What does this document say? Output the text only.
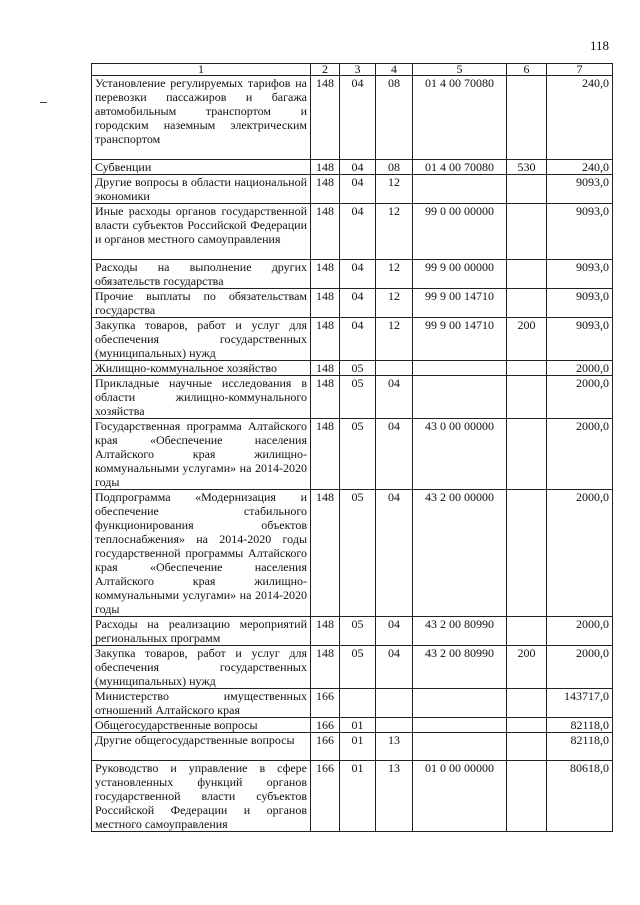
118
1	2	3	4	5	6	7
Установление регулируемых тарифов на перевозки пассажиров и багажа автомобильным транспортом и городским наземным электрическим транспортом	148	04	08	01 4 00 70080		240,0
Субвенции	148	04	08	01 4 00 70080	530	240,0
Другие вопросы в области национальной экономики	148	04	12			9093,0
Иные расходы органов государственной власти субъектов Российской Федерации и органов местного самоуправления	148	04	12	99 0 00 00000		9093,0
Расходы на выполнение других обязательств государства	148	04	12	99 9 00 00000		9093,0
Прочие выплаты по обязательствам государства	148	04	12	99 9 00 14710		9093,0
Закупка товаров, работ и услуг для обеспечения государственных (муниципальных) нужд	148	04	12	99 9 00 14710	200	9093,0
Жилищно-коммунальное хозяйство	148	05				2000,0
Прикладные научные исследования в области жилищно-коммунального хозяйства	148	05	04			2000,0
Государственная программа Алтайского края «Обеспечение населения Алтайского края жилищно-коммунальными услугами» на 2014-2020 годы	148	05	04	43 0 00 00000		2000,0
Подпрограмма «Модернизация и обеспечение стабильного функционирования объектов теплоснабжения» на 2014-2020 годы государственной программы Алтайского края «Обеспечение населения Алтайского края жилищно-коммунальными услугами» на 2014-2020 годы	148	05	04	43 2 00 00000		2000,0
Расходы на реализацию мероприятий региональных программ	148	05	04	43 2 00 80990		2000,0
Закупка товаров, работ и услуг для обеспечения государственных (муниципальных) нужд	148	05	04	43 2 00 80990	200	2000,0
Министерство имущественных отношений Алтайского края	166					143717,0
Общегосударственные вопросы	166	01				82118,0
Другие общегосударственные вопросы	166	01	13			82118,0
Руководство и управление в сфере установленных функций органов государственной власти субъектов Российской Федерации и органов местного самоуправления	166	01	13	01 0 00 00000		80618,0
